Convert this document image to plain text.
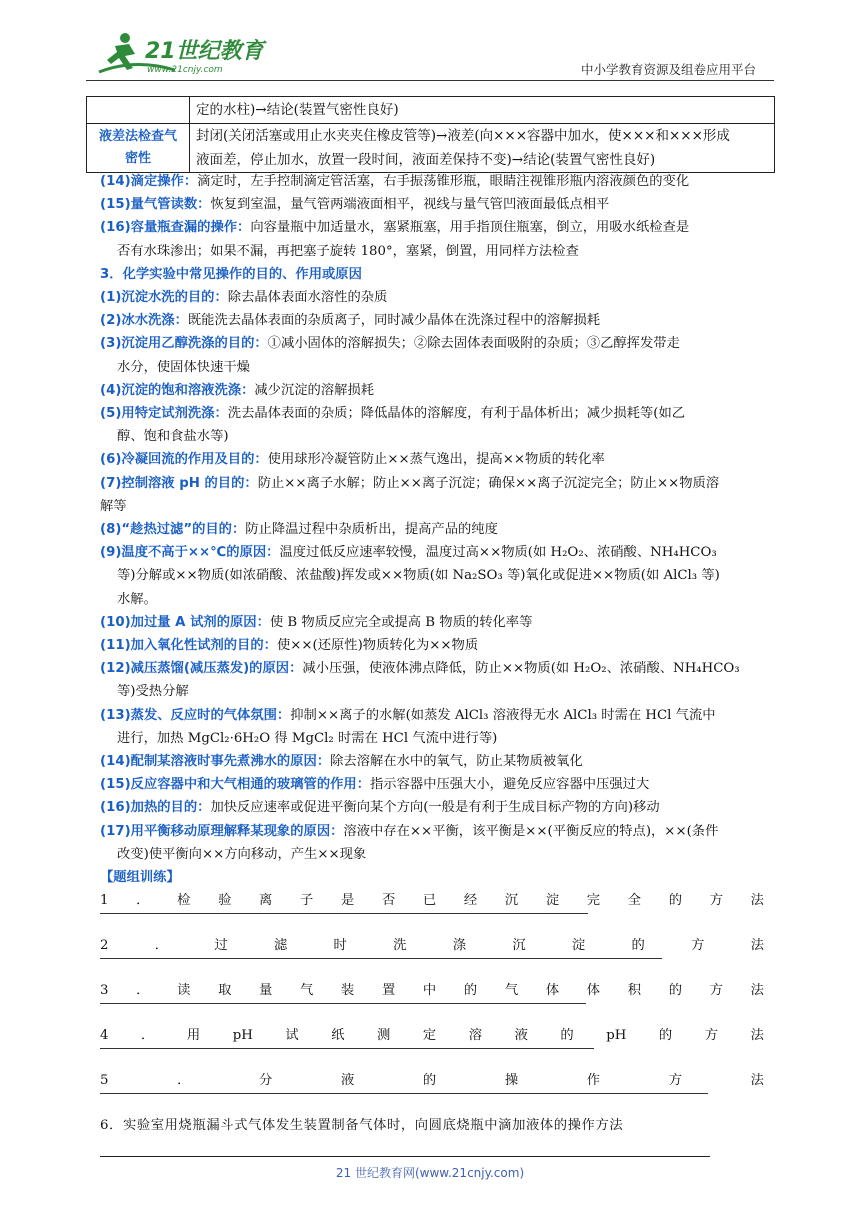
21世纪教育
www.21cnjy.com	中小学教育资源及组卷应用平台
	定的水柱)→结论(装置气密性良好)
液差法检查气密性	封闭(关闭活塞或用止水夹夹住橡皮管等)→液差(向×××容器中加水，使×××和×××形成
液面差，停止加水，放置一段时间，液面差保持不变)→结论(装置气密性良好)

(14)滴定操作：滴定时，左手控制滴定管活塞，右手振荡锥形瓶，眼睛注视锥形瓶内溶液颜色的变化

(15)量气管读数：恢复到室温，量气管两端液面相平，视线与量气管凹液面最低点相平

(16)容量瓶查漏的操作：向容量瓶中加适量水，塞紧瓶塞，用手指顶住瓶塞，倒立，用吸水纸检查是

否有水珠渗出；如果不漏，再把塞子旋转 180°，塞紧，倒置，用同样方法检查

3．化学实验中常见操作的目的、作用或原因

(1)沉淀水洗的目的：除去晶体表面水溶性的杂质

(2)冰水洗涤：既能洗去晶体表面的杂质离子，同时减少晶体在洗涤过程中的溶解损耗

(3)沉淀用乙醇洗涤的目的：①减小固体的溶解损失；②除去固体表面吸附的杂质；③乙醇挥发带走

水分，使固体快速干燥

(4)沉淀的饱和溶液洗涤：减少沉淀的溶解损耗

(5)用特定试剂洗涤：洗去晶体表面的杂质；降低晶体的溶解度，有利于晶体析出；减少损耗等(如乙

醇、饱和食盐水等)

(6)冷凝回流的作用及目的：使用球形冷凝管防止××蒸气逸出，提高××物质的转化率

(7)控制溶液 pH 的目的：防止××离子水解；防止××离子沉淀；确保××离子沉淀完全；防止××物质溶

解等

(8)“趁热过滤”的目的：防止降温过程中杂质析出，提高产品的纯度

(9)温度不高于××℃的原因：温度过低反应速率较慢，温度过高××物质(如 H₂O₂、浓硝酸、NH₄HCO₃

等)分解或××物质(如浓硝酸、浓盐酸)挥发或××物质(如 Na₂SO₃ 等)氧化或促进××物质(如 AlCl₃ 等)

水解。

(10)加过量 A 试剂的原因：使 B 物质反应完全或提高 B 物质的转化率等

(11)加入氧化性试剂的目的：使××(还原性)物质转化为××物质

(12)减压蒸馏(减压蒸发)的原因：减小压强，使液体沸点降低，防止××物质(如 H₂O₂、浓硝酸、NH₄HCO₃

等)受热分解

(13)蒸发、反应时的气体氛围：抑制××离子的水解(如蒸发 AlCl₃ 溶液得无水 AlCl₃ 时需在 HCl 气流中

进行，加热 MgCl₂·6H₂O 得 MgCl₂ 时需在 HCl 气流中进行等)

(14)配制某溶液时事先煮沸水的原因：除去溶解在水中的氧气，防止某物质被氧化

(15)反应容器中和大气相通的玻璃管的作用：指示容器中压强大小，避免反应容器中压强过大

(16)加热的目的：加快反应速率或促进平衡向某个方向(一般是有利于生成目标产物的方向)移动

(17)用平衡移动原理解释某现象的原因：溶液中存在××平衡，该平衡是××(平衡反应的特点)，××(条件

改变)使平衡向××方向移动，产生××现象

【题组训练】

1 ． 检 验 离 子 是 否 已 经 沉 淀 完 全 的 方 法
2	．	过	滤	时	洗	涤	沉	淀	的	方	法
3 ． 读 取 量 气 装 置 中 的 气 体 体 积 的 方 法
4 ． 用 pH 试 纸 测 定 溶 液 的 pH 的 方 法
5	．	分	液	的	操	作	方	法
6．实验室用烧瓶漏斗式气体发生装置制备气体时，向圆底烧瓶中滴加液体的操作方法
21 世纪教育网(www.21cnjy.com)
